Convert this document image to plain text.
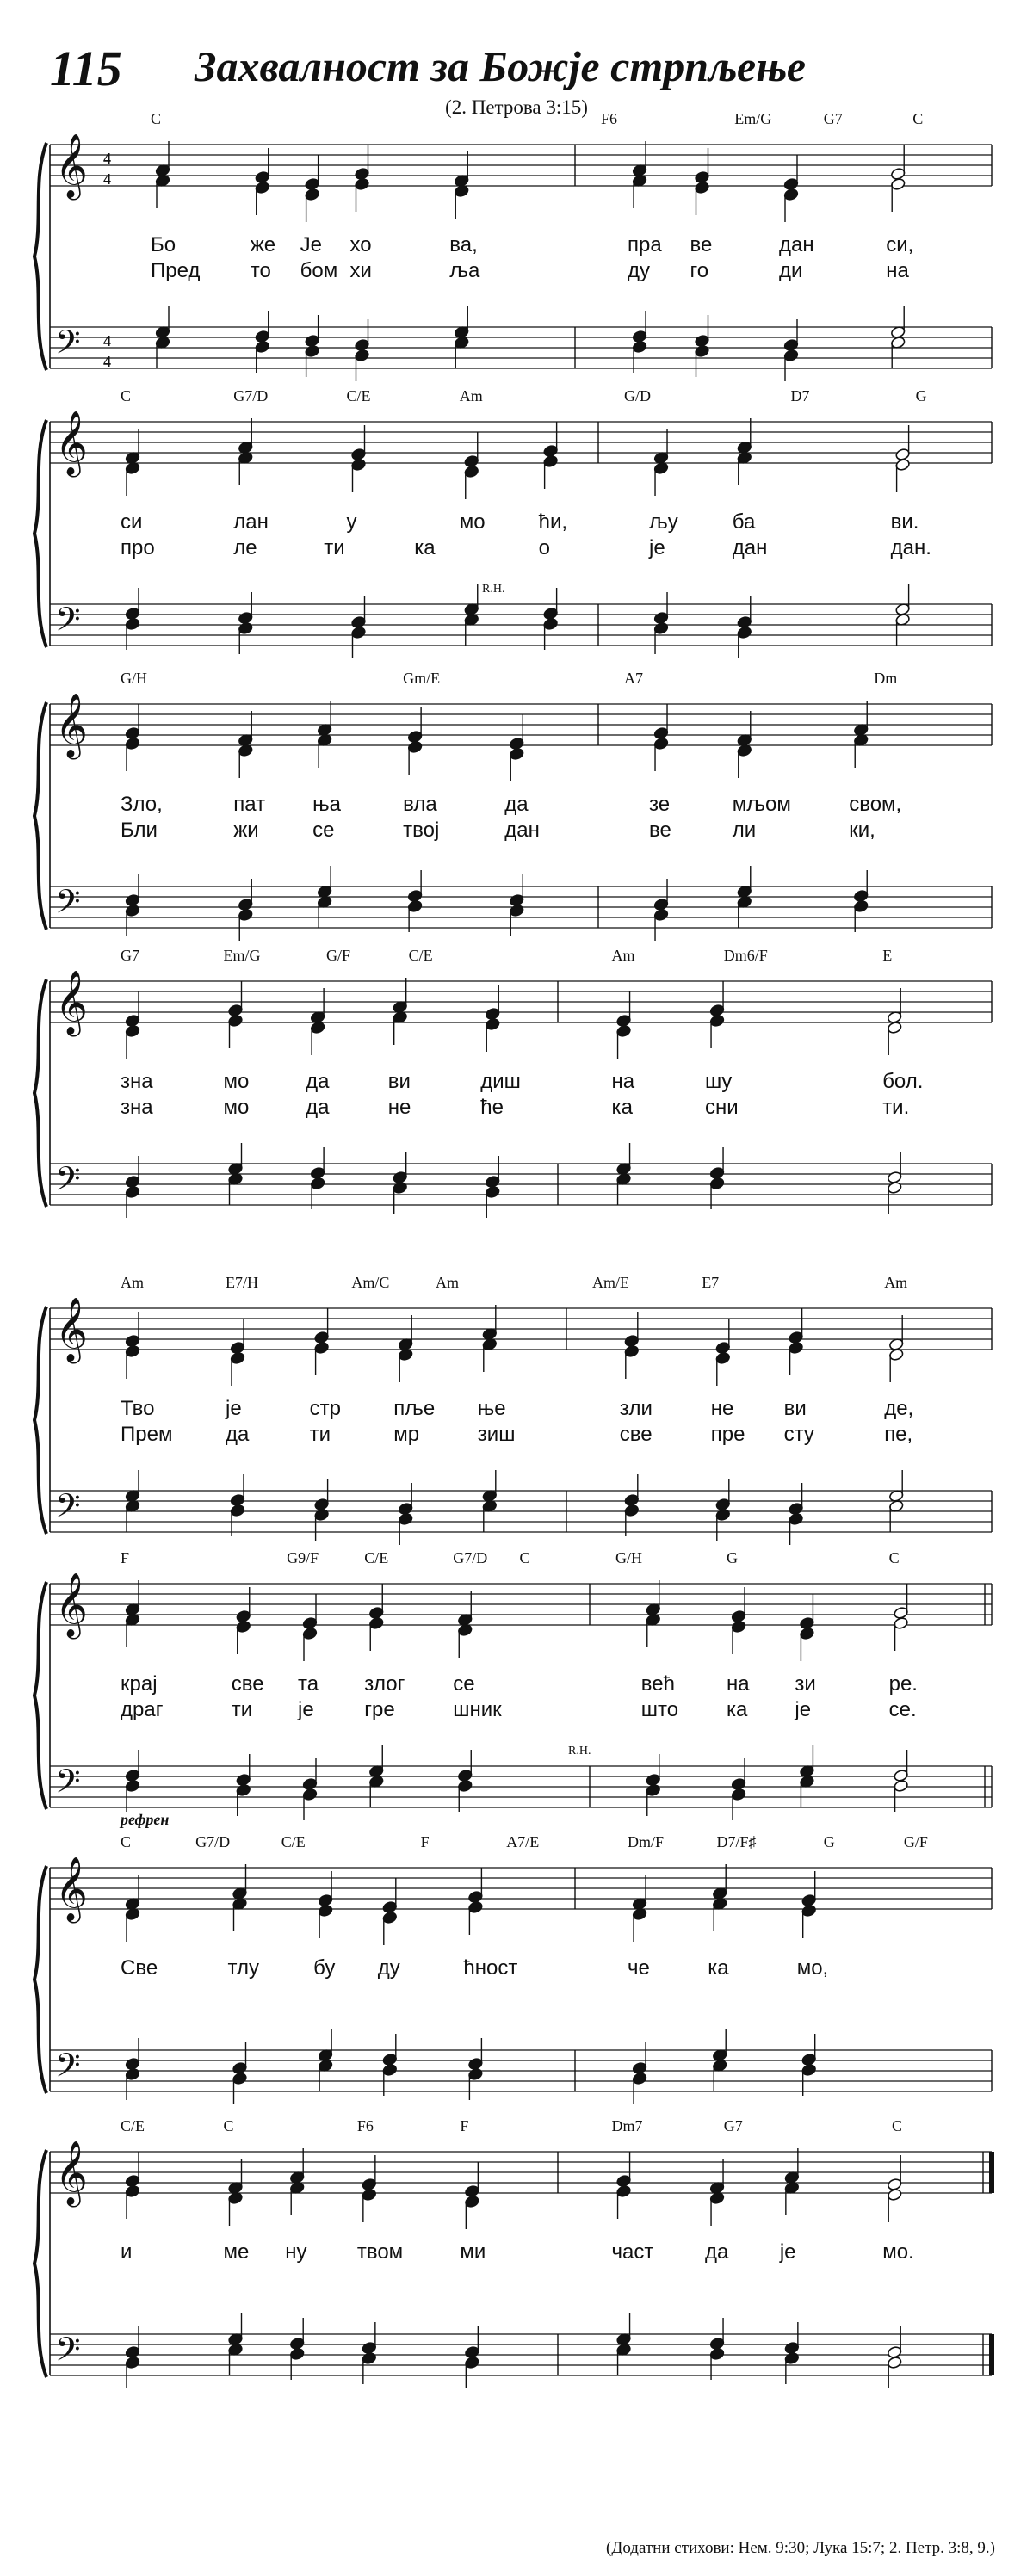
115 Захвалност за Божје стрпљење
(2. Петрова 3:15)
𝄞
𝄢
4
4
4
4
C	F6	Em/G	G7	C
Бо	же Је хо	ва,	пра ве	дан	си,
Пред то бом хи	ља	ду го	ди	на
𝄞
𝄢
C	G7/D	C/E	Am	G/D	D7	G
си	лан	у	мо	ћи,	љу	ба	ви.
про	ле	ти	ка	о	је	дан	дан.
R.H.
𝄞
𝄢
G/H	Gm/E	A7	Dm
Зло,	пат ња	вла	да	зе	мљом	свом,
Бли	жи	се	твој	дан	ве	ли	ки,
𝄞
𝄢
G7	Em/G	G/F	C/E	Am	Dm6/F	E
зна	мо	да	ви	диш	на	шу	бол.
зна	мо	да	не	ће	ка	сни	ти.
𝄞
𝄢
Am	E7/H	Am/C	Am	Am/E	E7	Am
Тво	је	стр	пље ње	зли	не ви	де,
Прем	да	ти	мр	зиш	све	пре сту	пе,
𝄞
𝄢
F	G9/F	C/E	G7/D C	G/H	G	C
крај	све та злог се	већ	на зи	ре.
драг	ти је гре	шник	што ка је	се.
R.H.
𝄞
𝄢
C	G7/D	C/E	F	A7/E	Dm/F	D7/F♯	G	G/F
Све	тлу	бу ду	ћност	че	ка	мо,
рефрен
𝄞
𝄢
C/E	C	F6	F	Dm7	G7	C
и	ме ну твом	ми	част да је	мо.
(Додатни стихови: Нем. 9:30; Лука 15:7; 2. Петр. 3:8, 9.)
